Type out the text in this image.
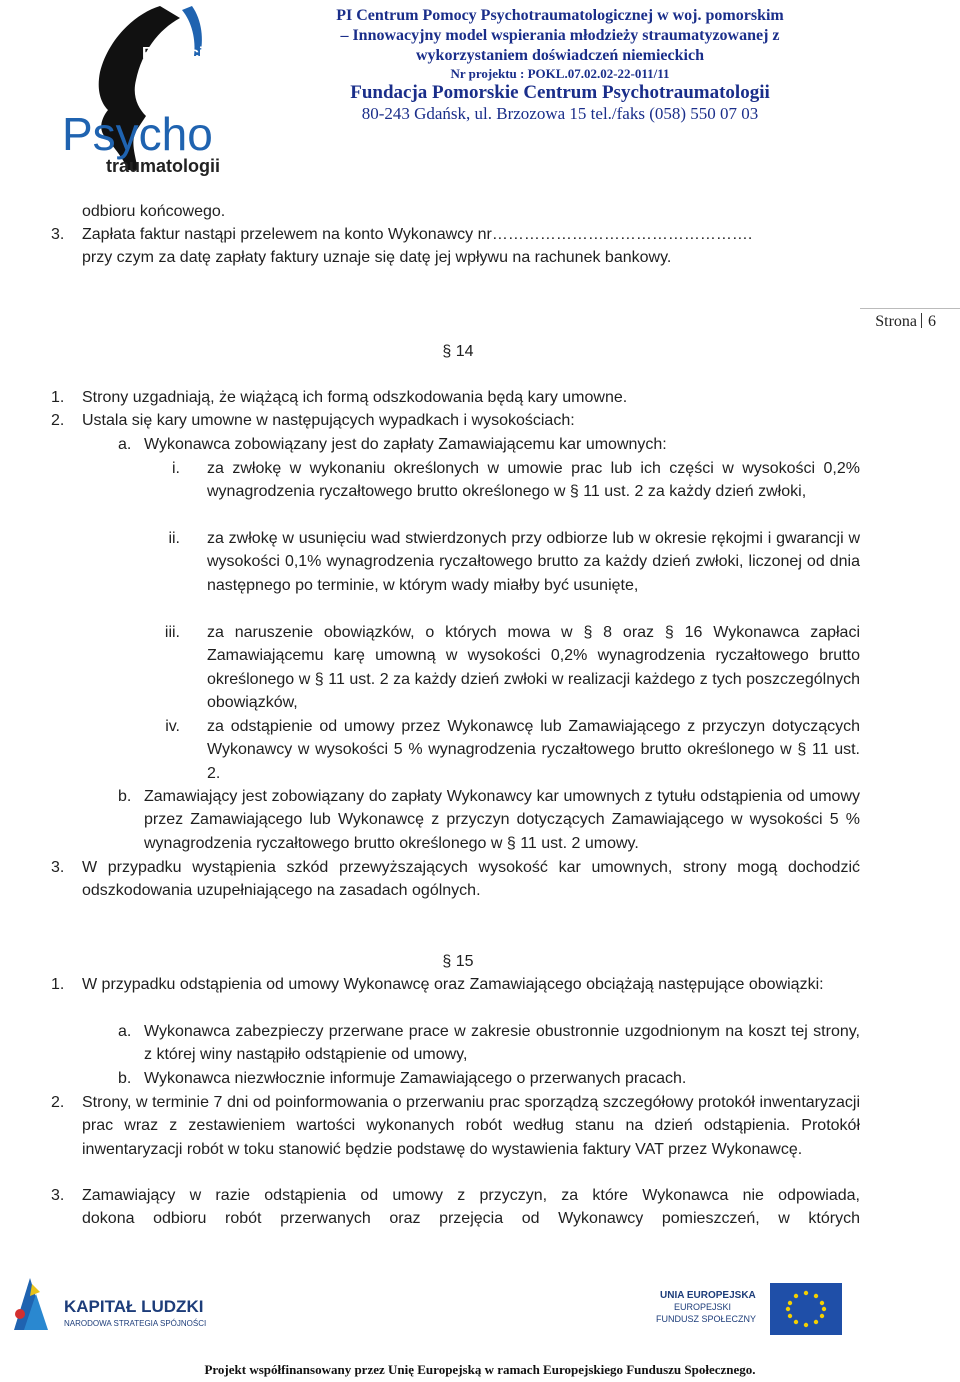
Fundacja
Pomorskie
Centrum
Psycho
traumatologii
PI Centrum Pomocy Psychotraumatologicznej w woj. pomorskim
– Innowacyjny model wspierania młodzieży straumatyzowanej z
wykorzystaniem doświadczeń niemieckich
Nr projektu : POKL.07.02.02-22-011/11
Fundacja Pomorskie Centrum Psychotraumatologii
80-243 Gdańsk, ul. Brzozowa 15 tel./faks (058) 550 07 03
Strona 6
odbioru końcowego.
3. Zapłata faktur nastąpi przelewem na konto Wykonawcy nr………………………………………….
przy czym za datę zapłaty faktury uznaje się datę jej wpływu na rachunek bankowy.
§ 14
1. Strony uzgadniają, że wiążącą ich formą odszkodowania będą kary umowne.
2. Ustala się kary umowne w następujących wypadkach i wysokościach:
a. Wykonawca zobowiązany jest do zapłaty Zamawiającemu kar umownych:
i. za zwłokę w wykonaniu określonych w umowie prac lub ich części w wysokości 0,2% wynagrodzenia ryczałtowego brutto określonego w § 11 ust. 2 za każdy dzień zwłoki,
ii. za zwłokę w usunięciu wad stwierdzonych przy odbiorze lub w okresie rękojmi i gwarancji w wysokości 0,1% wynagrodzenia ryczałtowego brutto za każdy dzień zwłoki, liczonej od dnia następnego po terminie, w którym wady miałby być usunięte,
iii. za naruszenie obowiązków, o których mowa w § 8 oraz § 16 Wykonawca zapłaci Zamawiającemu karę umowną w wysokości 0,2% wynagrodzenia ryczałtowego brutto określonego w § 11 ust. 2 za każdy dzień zwłoki w realizacji każdego z tych poszczególnych obowiązków,
iv. za odstąpienie od umowy przez Wykonawcę lub Zamawiającego z przyczyn dotyczących Wykonawcy w wysokości 5 % wynagrodzenia ryczałtowego brutto określonego w § 11 ust. 2.
b. Zamawiający jest zobowiązany do zapłaty Wykonawcy kar umownych z tytułu odstąpienia od umowy przez Zamawiającego lub Wykonawcę z przyczyn dotyczących Zamawiającego w wysokości 5 % wynagrodzenia ryczałtowego brutto określonego w § 11 ust. 2 umowy.
3. W przypadku wystąpienia szkód przewyższających wysokość kar umownych, strony mogą dochodzić odszkodowania uzupełniającego na zasadach ogólnych.
§ 15
1. W przypadku odstąpienia od umowy Wykonawcę oraz Zamawiającego obciążają następujące obowiązki:
a. Wykonawca zabezpieczy przerwane prace w zakresie obustronnie uzgodnionym na koszt tej strony, z której winy nastąpiło odstąpienie od umowy,
b. Wykonawca niezwłocznie informuje Zamawiającego o przerwanych pracach.
2. Strony, w terminie 7 dni od poinformowania o przerwaniu prac sporządzą szczegółowy protokół inwentaryzacji prac wraz z zestawieniem wartości wykonanych robót według stanu na dzień odstąpienia. Protokół inwentaryzacji robót w toku stanowić będzie podstawę do wystawienia faktury VAT przez Wykonawcę.
3. Zamawiający w razie odstąpienia od umowy z przyczyn, za które Wykonawca nie odpowiada,
dokona odbioru robót przerwanych oraz przejęcia od Wykonawcy pomieszczeń, w których
KAPITAŁ LUDZKI
NARODOWA STRATEGIA SPÓJNOŚCI
UNIA EUROPEJSKA
EUROPEJSKI
FUNDUSZ SPOŁECZNY
Projekt współfinansowany przez Unię Europejską w ramach Europejskiego Funduszu Społecznego.
